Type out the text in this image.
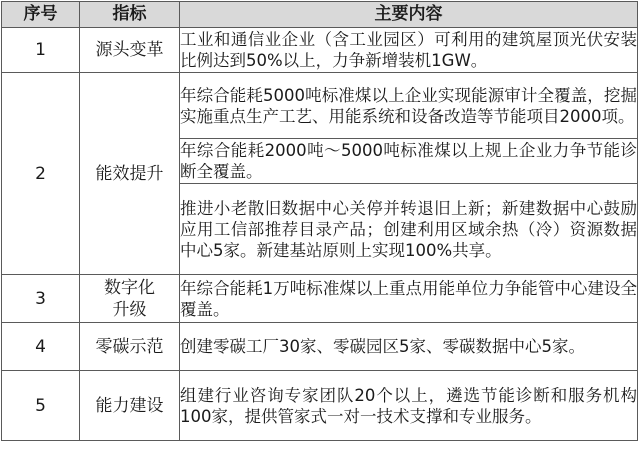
序号	指标	主要内容
1	源头变革	工业和通信业企业（含工业园区）可利用的建筑屋顶光伏安装比例达到50%以上，力争新增装机1GW。
2	能效提升	年综合能耗5000吨标准煤以上企业实现能源审计全覆盖，挖掘实施重点生产工艺、用能系统和设备改造等节能项目2000项。
		年综合能耗2000吨～5000吨标准煤以上规上企业力争节能诊断全覆盖。
		推进小老散旧数据中心关停并转退旧上新；新建数据中心鼓励应用工信部推荐目录产品；创建利用区域余热（冷）资源数据中心5家。新建基站原则上实现100%共享。
3	数字化升级	年综合能耗1万吨标准煤以上重点用能单位力争能管中心建设全覆盖。
4	零碳示范	创建零碳工厂30家、零碳园区5家、零碳数据中心5家。
5	能力建设	组建行业咨询专家团队20个以上，遴选节能诊断和服务机构100家，提供管家式一对一技术支撑和专业服务。
